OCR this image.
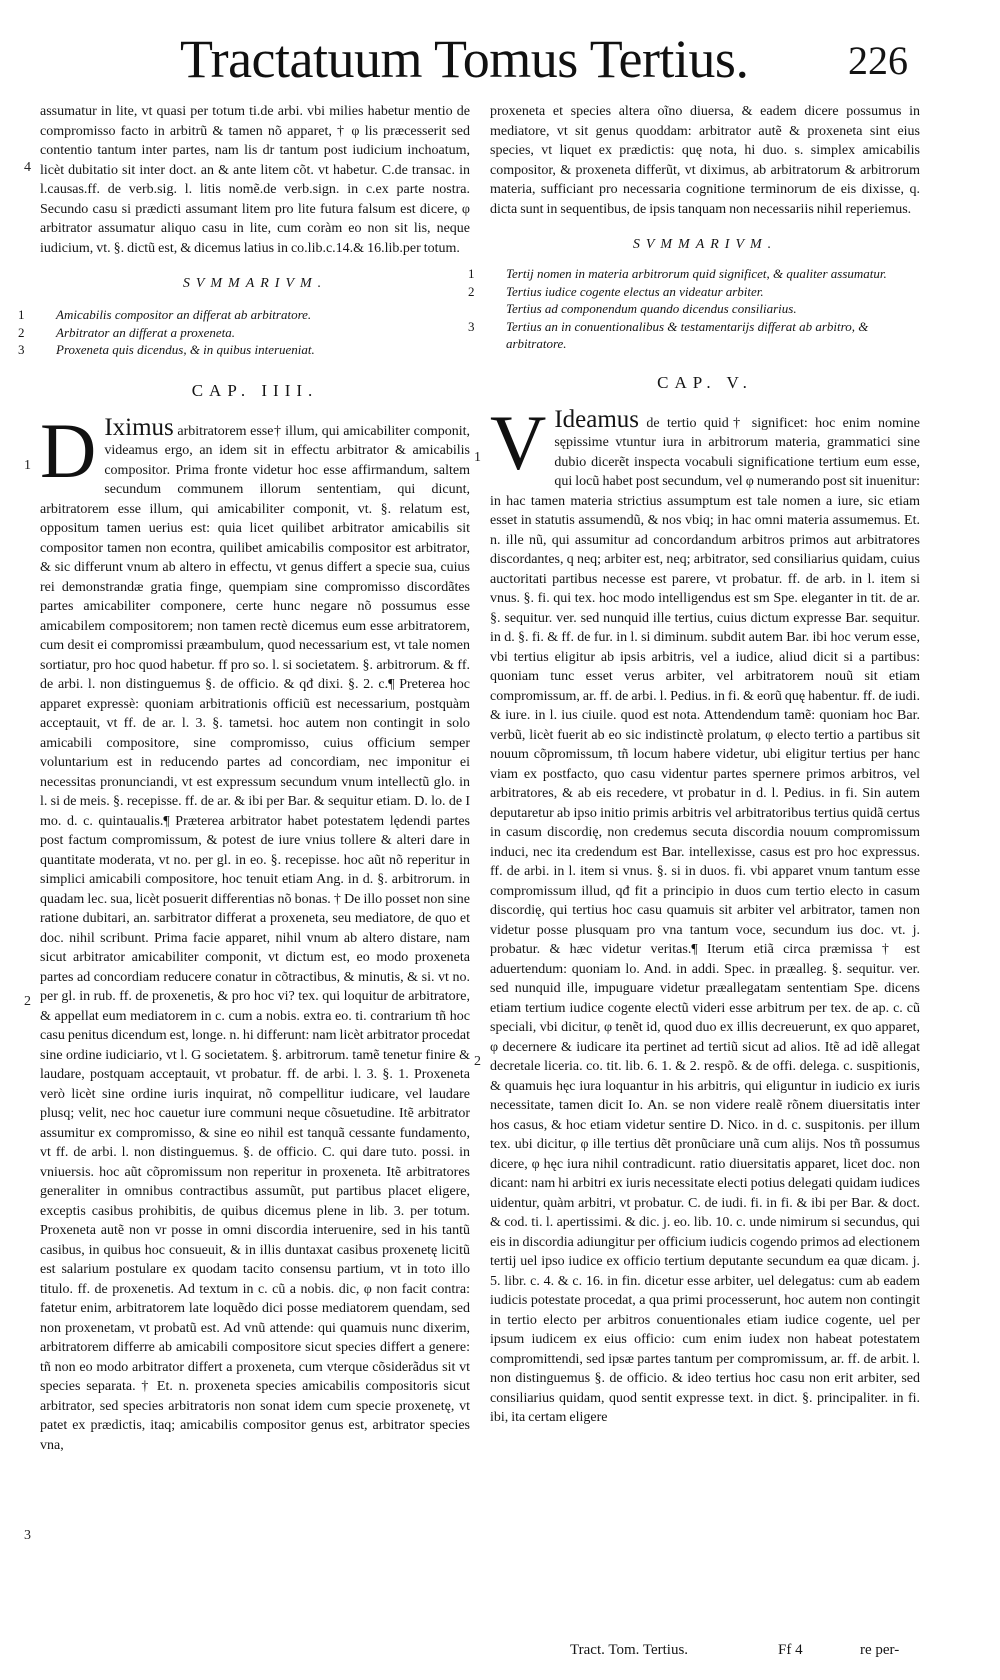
Tractatuum Tomus Tertius. 226

assumatur in lite, vt quasi per totum ti.de arbi. vbi milies habetur mentio de compromisso facto in arbitrũ & tamen nõ apparet, † φ lis præcesserit sed contentio tantum inter partes, nam lis dr tantum post iudicium inchoatum, licèt dubitatio sit inter doct. an & ante litem cõt. vt habetur. C.de transac. in l.causas.ff. de verb.sig. l. litis nomẽ.de verb.sign. in c.ex parte nostra. Secundo casu si prædicti assumant litem pro lite futura falsum est dicere, φ arbitrator assumatur aliquo casu in lite, cum coràm eo non sit lis, neque iudicium, vt. §. dictũ est, & dicemus latius in co.lib.c.14.& 16.lib.per totum.

SVMMARIVM.

1 Amicabilis compositor an differat ab arbitratore.
2 Arbitrator an differat a proxeneta.
3 Proxeneta quis dicendus, & in quibus interueniat.

CAP. IIII.

D Iximus arbitratorem esse† illum, qui amicabiliter componit, videamus ergo, an idem sit in effectu arbitrator & amicabilis compositor. Prima fronte videtur hoc esse affirmandum, saltem secundum communem illorum sententiam, qui dicunt, arbitratorem esse illum, qui amicabiliter componit, vt. §. relatum est, oppositum tamen uerius est: quia licet quilibet arbitrator amicabilis sit compositor tamen non econtra, quilibet amicabilis compositor est arbitrator, & sic differunt vnum ab altero in effectu, vt genus differt a specie sua, cuius rei demonstrandæ gratia finge, quempiam sine compromisso discordãtes partes amicabiliter componere, certe hunc negare nõ possumus esse amicabilem compositorem; non tamen rectè dicemus eum esse arbitratorem, cum desit ei compromissi præambulum, quod necessarium est, vt tale nomen sortiatur, pro hoc quod habetur. ff pro so. l. si societatem. §. arbitrorum. & ff. de arbi. l. non distinguemus §. de officio. & qđ dixi. §. 2. c.¶ Preterea hoc apparet expressè: quoniam arbitrationis officiũ est necessarium, postquàm acceptauit, vt ff. de ar. l. 3. §. tametsi. hoc autem non contingit in solo amicabili compositore, sine compromisso, cuius officium semper voluntarium est in reducendo partes ad concordiam, nec imponitur ei necessitas pronunciandi, vt est expressum secundum vnum intellectũ glo. in l. si de meis. §. recepisse. ff. de ar. & ibi per Bar. & sequitur etiam. D. lo. de I mo. d. c. quintaualis.¶ Præterea arbitrator habet potestatem lędendi partes post factum compromissum, & potest de iure vnius tollere & alteri dare in quantitate moderata, vt no. per gl. in eo. §. recepisse. hoc aũt nõ reperitur in simplici amicabili compositore, hoc tenuit etiam Ang. in d. §. arbitrorum. in quadam lec. sua, licèt posuerit differentias nõ bonas. † De illo posset non sine ratione dubitari, an. sarbitrator differat a proxeneta, seu mediatore, de quo et doc. nihil scribunt. Prima facie apparet, nihil vnum ab altero distare, nam sicut arbitrator amicabiliter componit, vt dictum est, eo modo proxeneta partes ad concordiam reducere conatur in cõtractibus, & minutis, & si. vt no. per gl. in rub. ff. de proxenetis, & pro hoc vi? tex. qui loquitur de arbitratore, & appellat eum mediatorem in c. cum a nobis. extra eo. ti. contrarium tñ hoc casu penitus dicendum est, longe. n. hi differunt: nam licèt arbitrator procedat sine ordine iudiciario, vt l. G societatem. §. arbitrorum. tamẽ tenetur finire & laudare, postquam acceptauit, vt probatur. ff. de arbi. l. 3. §. 1. Proxeneta verò licèt sine ordine iuris inquirat, nõ compellitur iudicare, vel laudare plusq; velit, nec hoc cauetur iure communi neque cõsuetudine. Itẽ arbitrator assumitur ex compromisso, & sine eo nihil est tanquã cessante fundamento, vt ff. de arbi. l. non distinguemus. §. de officio. C. qui dare tuto. possi. in vniuersis. hoc aũt cõpromissum non reperitur in proxeneta. Itẽ arbitratores generaliter in omnibus contractibus assumũt, put partibus placet eligere, exceptis casibus prohibitis, de quibus dicemus plene in lib. 3. per totum. Proxeneta autẽ non vr posse in omni discordia interuenire, sed in his tantũ casibus, in quibus hoc consueuit, & in illis duntaxat casibus proxenetę licitũ est salarium postulare ex quodam tacito consensu partium, vt in toto illo titulo. ff. de proxenetis. Ad textum in c. cũ a nobis. dic, φ non facit contra: fatetur enim, arbitratorem late loquẽdo dici posse mediatorem quendam, sed non proxenetam, vt probatũ est. Ad vnũ attende: qui quamuis nunc dixerim, arbitratorem differre ab amicabili compositore sicut species differt a genere: tñ non eo modo arbitrator differt a proxeneta, cum vterque cõsiderãdus sit vt species separata. † Et. n. proxeneta species amicabilis compositoris sicut arbitrator, sed species arbitratoris non sonat idem cum specie proxenetę, vt patet ex prædictis, itaq; amicabilis compositor genus est, arbitrator species vna,

proxeneta et species altera oĩno diuersa, & eadem dicere possumus in mediatore, vt sit genus quoddam: arbitrator autẽ & proxeneta sint eius species, vt liquet ex prædictis: quę nota, hi duo. s. simplex amicabilis compositor, & proxeneta differũt, vt diximus, ab arbitratorum & arbitrorum materia, sufficiant pro necessaria cognitione terminorum de eis dixisse, q. dicta sunt in sequentibus, de ipsis tanquam non necessariis nihil reperiemus.

SVMMARIVM.

1 Tertij nomen in materia arbitrorum quid significet, & qualiter assumatur.
2 Tertius iudice cogente electus an videatur arbiter.
Tertius ad componendum quando dicendus consiliarius.
3 Tertius an in conuentionalibus & testamentarijs differat ab arbitro, & arbitratore.

CAP. V.

V Ideamus de tertio quid† significet: hoc enim nomine sępissime vtuntur iura in arbitrorum materia, grammatici sine dubio dicerẽt inspecta vocabuli significatione tertium eum esse, qui locũ habet post secundum, vel φ numerando post sit inuenitur: in hac tamen materia strictius assumptum est tale nomen a iure, sic etiam esset in statutis assumendũ, & nos vbiq; in hac omni materia assumemus. Et. n. ille nũ, qui assumitur ad concordandum arbitros primos aut arbitratores discordantes, q neq; arbiter est, neq; arbitrator, sed consiliarius quidam, cuius auctoritati partibus necesse est parere, vt probatur. ff. de arb. in l. item si vnus. §. fi. qui tex. hoc modo intelligendus est sm Spe. eleganter in tit. de ar. §. sequitur. ver. sed nunquid ille tertius, cuius dictum expresse Bar. sequitur. in d. §. fi. & ff. de fur. in l. si diminum. subdit autem Bar. ibi hoc verum esse, vbi tertius eligitur ab ipsis arbitris, vel a iudice, aliud dicit si a partibus: quoniam tunc esset verus arbiter, vel arbitratorem nouũ sit etiam compromissum, ar. ff. de arbi. l. Pedius. in fi. & eorũ quę habentur. ff. de iudi. & iure. in l. ius ciuile. quod est nota. Attendendum tamẽ: quoniam hoc Bar. verbũ, licèt fuerit ab eo sic indistinctè prolatum, φ electo tertio a partibus sit nouum cõpromissum, tñ locum habere videtur, ubi eligitur tertius per hanc viam ex postfacto, quo casu videntur partes spernere primos arbitros, vel arbitratores, & ab eis recedere, vt probatur in d. l. Pedius. in fi. Sin autem deputaretur ab ipso initio primis arbitris vel arbitratoribus tertius quidã certus in casum discordię, non credemus secuta discordia nouum compromissum induci, nec ita credendum est Bar. intellexisse, casus est pro hoc expressus. ff. de arbi. in l. item si vnus. §. si in duos. fi. vbi apparet vnum tantum esse compromissum illud, qđ fit a principio in duos cum tertio electo in casum discordię, qui tertius hoc casu quamuis sit arbiter vel arbitrator, tamen non videtur posse plusquam pro vna tantum voce, secundum ius doc. vt. j. probatur. & hæc videtur veritas.¶ Iterum etiã circa præmissa † est aduertendum: quoniam lo. And. in addi. Spec. in præalleg. §. sequitur. ver. sed nunquid ille, impuguare videtur præallegatam sententiam Spe. dicens etiam tertium iudice cogente electũ videri esse arbitrum per tex. de ap. c. cũ speciali, vbi dicitur, φ tenẽt id, quod duo ex illis decreuerunt, ex quo apparet, φ decernere & iudicare ita pertinet ad tertiũ sicut ad alios. Itẽ ad idẽ allegat decretale liceria. co. tit. lib. 6. 1. & 2. respõ. & de offi. delega. c. suspitionis, & quamuis hęc iura loquantur in his arbitris, qui eliguntur in iudicio ex iuris necessitate, tamen dicit Io. An. se non videre realẽ rõnem diuersitatis inter hos casus, & hoc etiam videtur sentire D. Nico. in d. c. suspitonis. per illum tex. ubi dicitur, φ ille tertius dẽt pronũciare unã cum alijs. Nos tñ possumus dicere, φ hęc iura nihil contradicunt. ratio diuersitatis apparet, licet doc. non dicant: nam hi arbitri ex iuris necessitate electi potius delegati quidam iudices uidentur, quàm arbitri, vt probatur. C. de iudi. fi. in fi. & ibi per Bar. & doct. & cod. ti. l. apertissimi. & dic. j. eo. lib. 10. c. unde nimirum si secundus, qui eis in discordia adiungitur per officium iudicis cogendo primos ad electionem tertij uel ipso iudice ex officio tertium deputante secundum ea quæ dicam. j. 5. libr. c. 4. & c. 16. in fin. dicetur esse arbiter, uel delegatus: cum ab eadem iudicis potestate procedat, a qua primi processerunt, hoc autem non contingit in tertio electo per arbitros conuentionales etiam iudice cogente, uel per ipsum iudicem ex eius officio: cum enim iudex non habeat potestatem compromittendi, sed ipsæ partes tantum per compromissum, ar. ff. de arbit. l. non distinguemus §. de officio. & ideo tertius hoc casu non erit arbiter, sed consiliarius quidam, quod sentit expresse text. in dict. §. principaliter. in fi. ibi, ita certam eligere

4
1
2
3
1
2
Tract. Tom. Tertius.	Ff 4	re per-
